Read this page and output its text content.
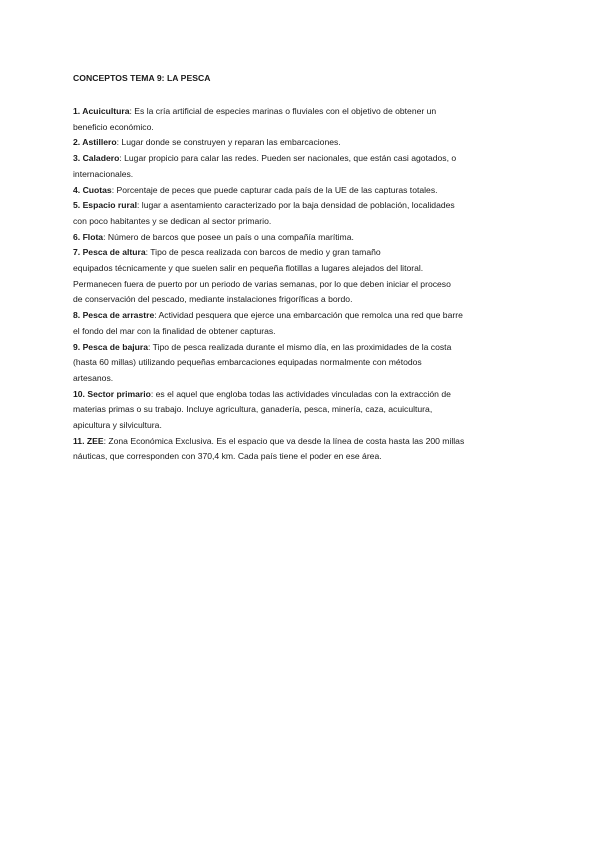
CONCEPTOS TEMA 9: LA PESCA
1. Acuicultura: Es la cría artificial de especies marinas o fluviales con el objetivo de obtener un
beneficio económico.
2. Astillero: Lugar donde se construyen y reparan las embarcaciones.
3. Caladero: Lugar propicio para calar las redes. Pueden ser nacionales, que están casi agotados, o
internacionales.
4. Cuotas: Porcentaje de peces que puede capturar cada país de la UE de las capturas totales.
5. Espacio rural: lugar a asentamiento caracterizado por la baja densidad de población, localidades
con poco habitantes y se dedican al sector primario.
6. Flota: Número de barcos que posee un país o una compañía marítima.
7. Pesca de altura: Tipo de pesca realizada con barcos de medio y gran tamaño
equipados técnicamente y que suelen salir en pequeña flotillas a lugares alejados del litoral.
Permanecen fuera de puerto por un periodo de varias semanas, por lo que deben iniciar el proceso
de conservación del pescado, mediante instalaciones frigoríficas a bordo.
8. Pesca de arrastre: Actividad pesquera que ejerce una embarcación que remolca una red que barre
el fondo del mar con la finalidad de obtener capturas.
9. Pesca de bajura: Tipo de pesca realizada durante el mismo día, en las proximidades de la costa
(hasta 60 millas) utilizando pequeñas embarcaciones equipadas normalmente con métodos
artesanos.
10. Sector primario: es el aquel que engloba todas las actividades vinculadas con la extracción de
materias primas o su trabajo. Incluye agricultura, ganadería, pesca, minería, caza, acuicultura,
apicultura y silvicultura.
11. ZEE: Zona Económica Exclusiva. Es el espacio que va desde la línea de costa hasta las 200 millas
náuticas, que corresponden con 370,4 km. Cada país tiene el poder en ese área.
